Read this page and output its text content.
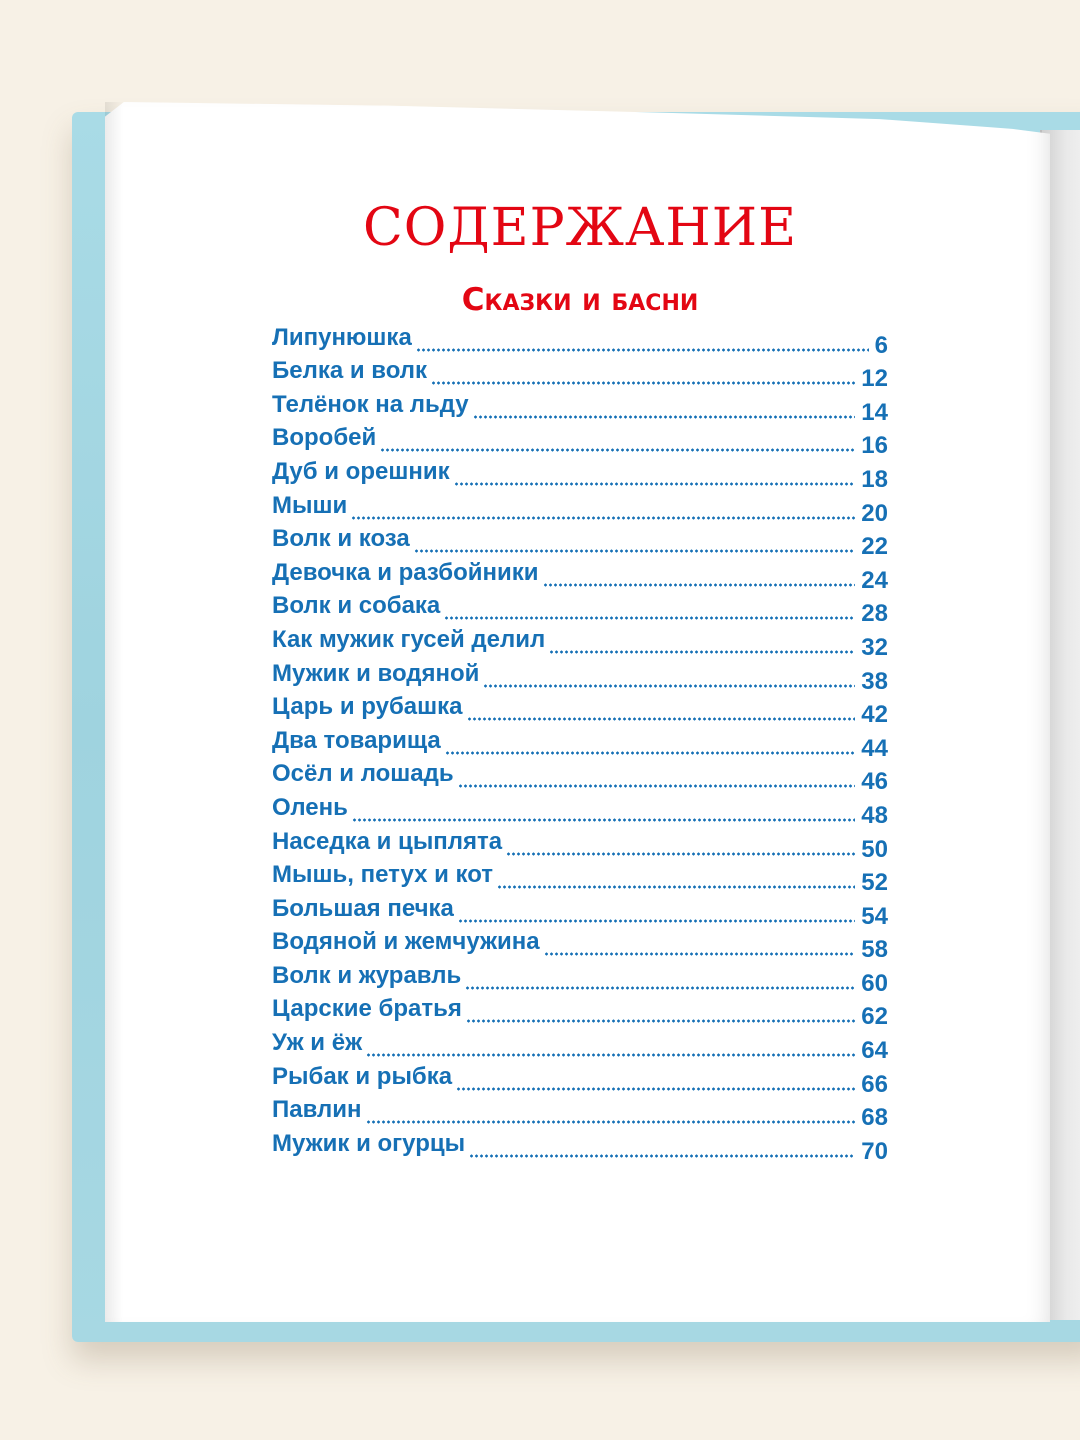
СОДЕРЖАНИЕ
Сказки и басни
Липунюшка	6
Белка и волк	12
Телёнок на льду	14
Воробей	16
Дуб и орешник	18
Мыши	20
Волк и коза	22
Девочка и разбойники	24
Волк и собака	28
Как мужик гусей делил	32
Мужик и водяной	38
Царь и рубашка	42
Два товарища	44
Осёл и лошадь	46
Олень	48
Наседка и цыплята	50
Мышь, петух и кот	52
Большая печка	54
Водяной и жемчужина	58
Волк и журавль	60
Царские братья	62
Уж и ёж	64
Рыбак и рыбка	66
Павлин	68
Мужик и огурцы	70
